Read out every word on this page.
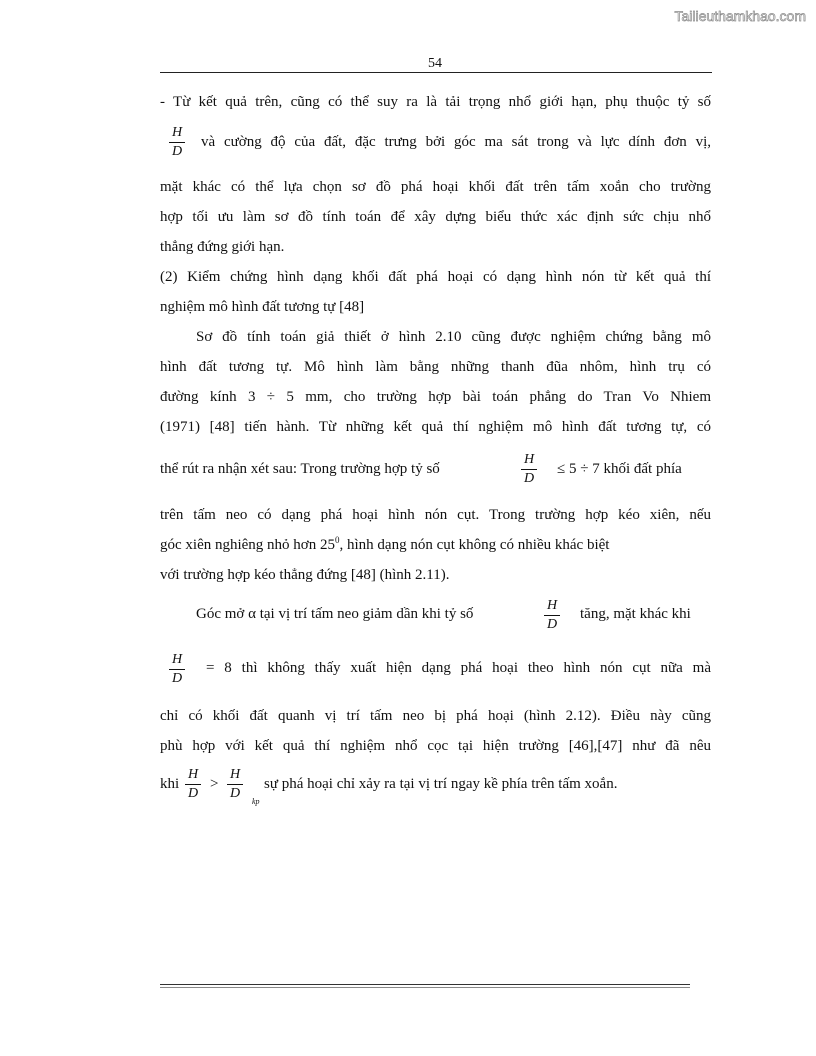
Tailieuthamkhao.com
54
- Từ kết quả trên, cũng có thể suy ra là tải trọng nhổ giới hạn, phụ thuộc tỷ số
H
D
và cường độ của đất, đặc trưng bởi góc ma sát trong và lực dính đơn vị,
mặt khác có thể lựa chọn sơ đồ phá hoại khối đất trên tấm xoắn cho trường
hợp tối ưu làm sơ đồ tính toán để xây dựng biểu thức xác định sức chịu nhổ
thẳng đứng giới hạn.
(2) Kiểm chứng hình dạng khối đất phá hoại có dạng hình nón từ kết quả thí
nghiệm mô hình đất tương tự [48]
Sơ đồ tính toán giả thiết ở hình 2.10 cũng được nghiệm chứng bằng mô
hình đất tương tự. Mô hình làm bằng những thanh đũa nhôm, hình trụ có
đường kính 3 ÷ 5 mm, cho trường hợp bài toán phẳng do Tran Vo Nhiem
(1971) [48] tiến hành. Từ những kết quả thí nghiệm mô hình đất tương tự, có
thể rút ra nhận xét sau: Trong trường hợp tỷ số
H
D
≤ 5 ÷ 7 khối đất phía
trên tấm neo có dạng phá hoại hình nón cụt. Trong trường hợp kéo xiên, nếu
góc xiên nghiêng nhỏ hơn $25^0$, hình dạng nón cụt không có nhiều khác biệt
với trường hợp kéo thẳng đứng [48] (hình 2.11).
Góc mở α tại vị trí tấm neo giảm dần khi tỷ số
H
D
tăng, mặt khác khi
H
D
= 8 thì không thấy xuất hiện dạng phá hoại theo hình nón cụt nữa mà
chỉ có khối đất quanh vị trí tấm neo bị phá hoại (hình 2.12). Điều này cũng
phù hợp với kết quả thí nghiệm nhổ cọc tại hiện trường [46],[47] như đã nêu
khi
H
D
>
H
D
kp
sự phá hoại chỉ xảy ra tại vị trí ngay kề phía trên tấm xoắn.
